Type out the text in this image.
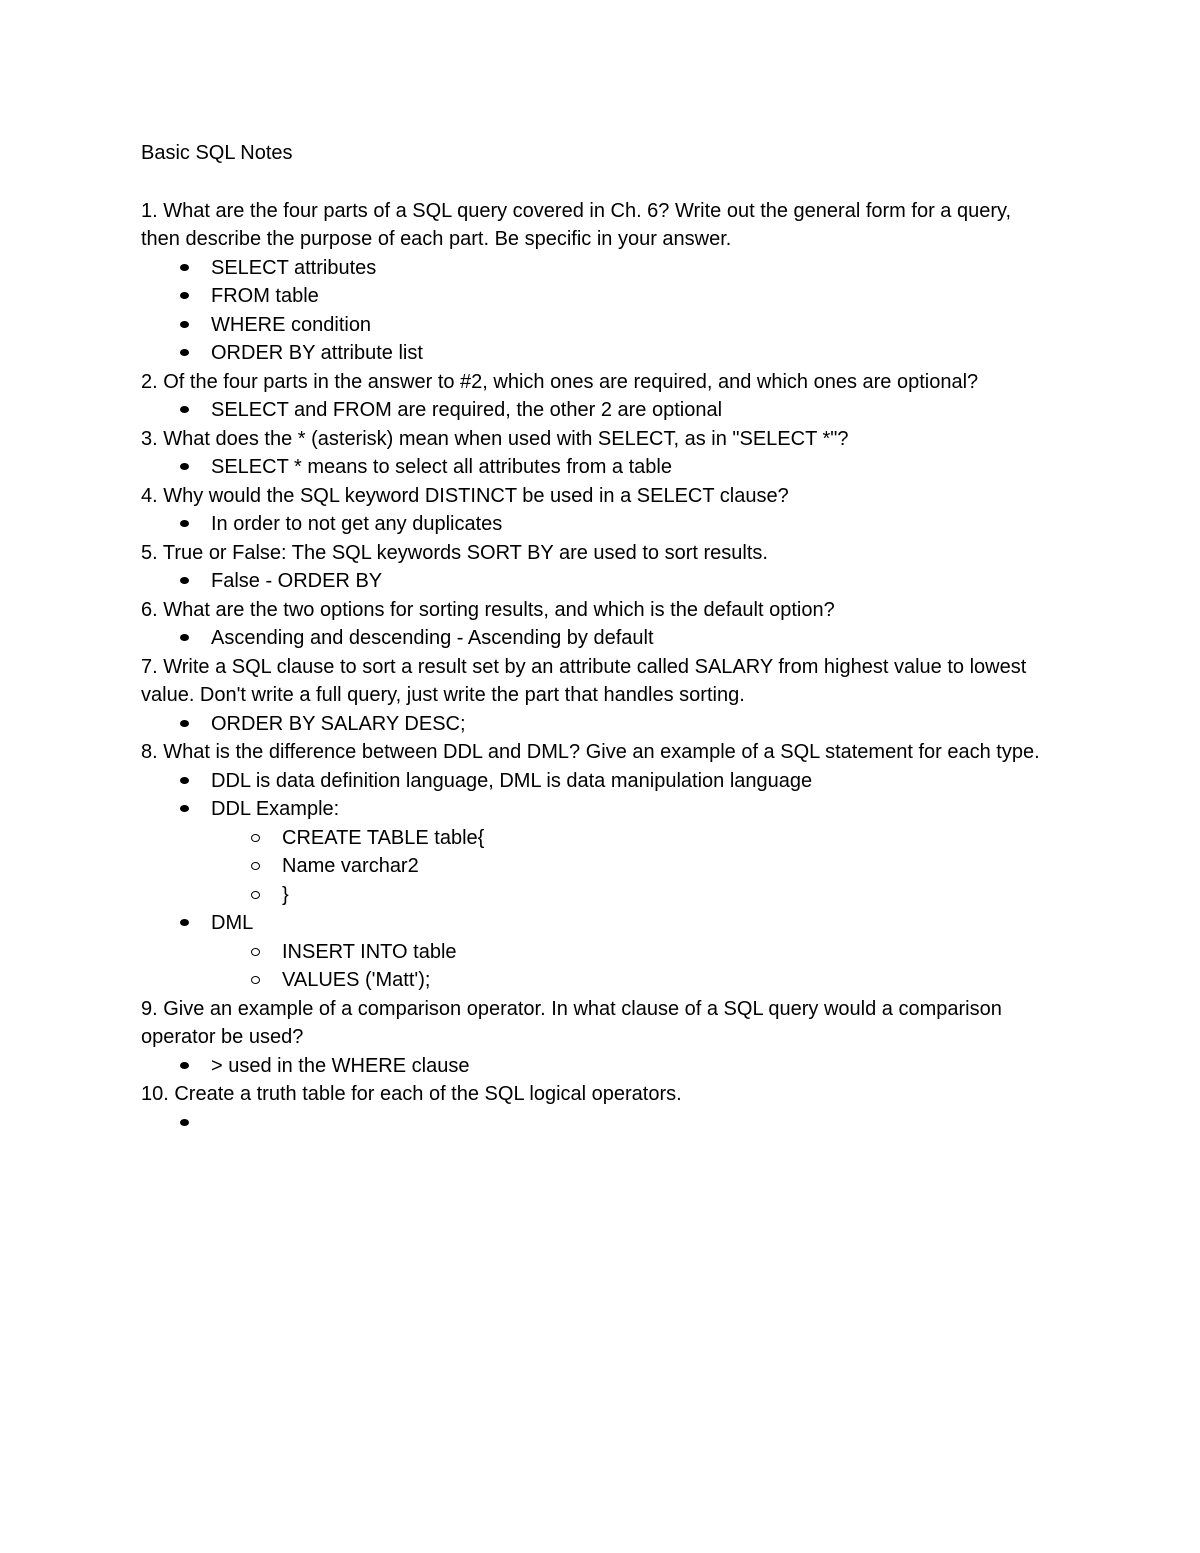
Basic SQL Notes
1. What are the four parts of a SQL query covered in Ch. 6? Write out the general form for a query, then describe the purpose of each part. Be specific in your answer.
SELECT attributes
FROM table
WHERE condition
ORDER BY attribute list
2. Of the four parts in the answer to #2, which ones are required, and which ones are optional?
SELECT and FROM are required, the other 2 are optional
3. What does the * (asterisk) mean when used with SELECT, as in "SELECT *"?
SELECT * means to select all attributes from a table
4. Why would the SQL keyword DISTINCT be used in a SELECT clause?
In order to not get any duplicates
5. True or False: The SQL keywords SORT BY are used to sort results.
False - ORDER BY
6. What are the two options for sorting results, and which is the default option?
Ascending and descending - Ascending by default
7. Write a SQL clause to sort a result set by an attribute called SALARY from highest value to lowest value. Don't write a full query, just write the part that handles sorting.
ORDER BY SALARY DESC;
8. What is the difference between DDL and DML? Give an example of a SQL statement for each type.
DDL is data definition language, DML is data manipulation language
DDL Example:
CREATE TABLE table{
Name varchar2
}
DML
INSERT INTO table
VALUES ('Matt');
9. Give an example of a comparison operator. In what clause of a SQL query would a comparison operator be used?
> used in the WHERE clause
10. Create a truth table for each of the SQL logical operators.
